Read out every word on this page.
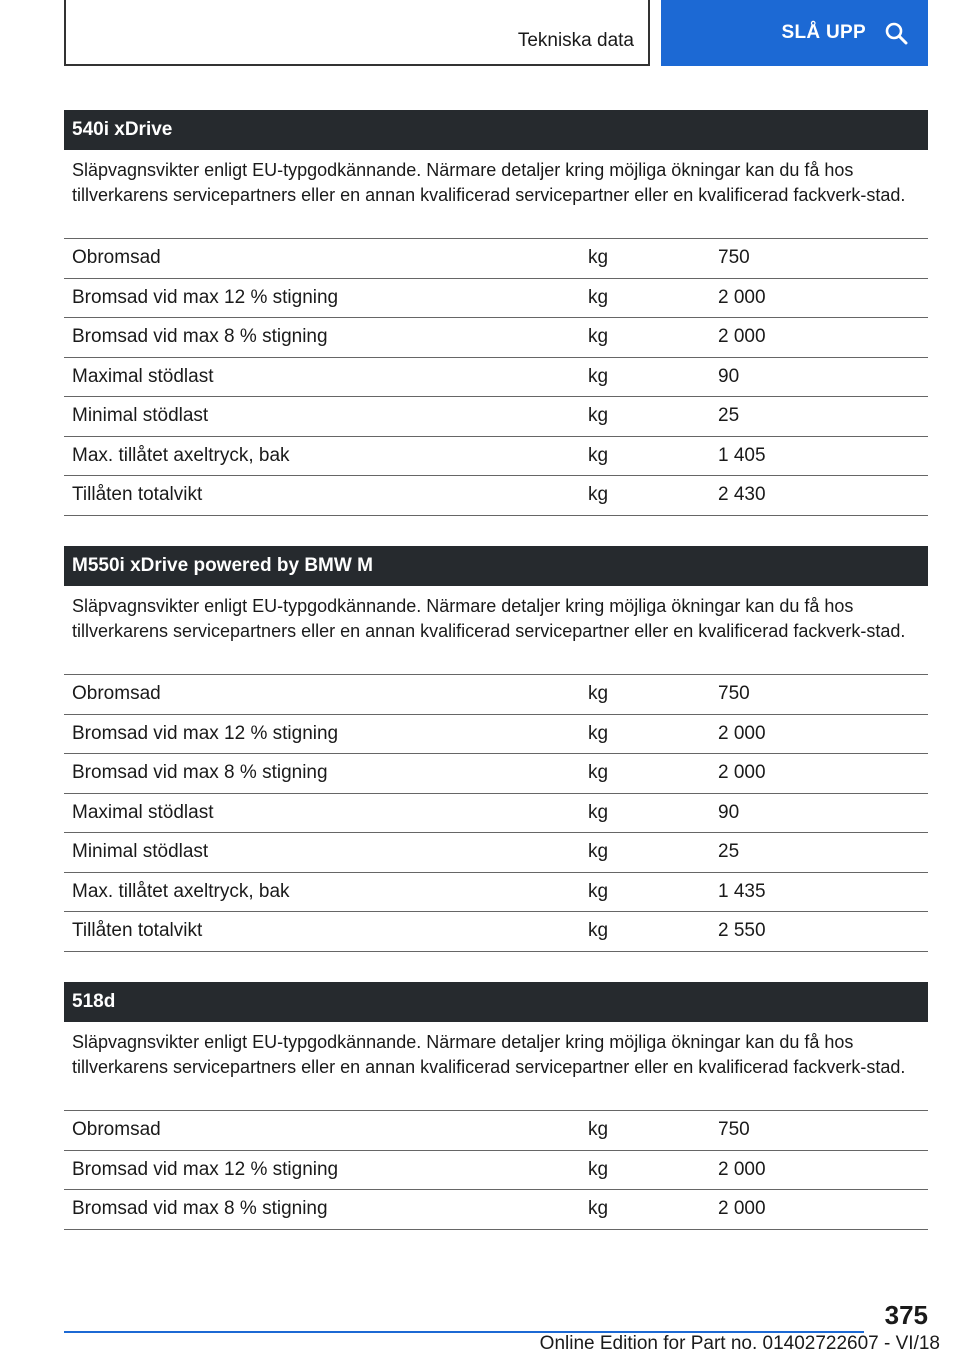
Tekniska data	SLÅ UPP
540i xDrive
Släpvagnsvikter enligt EU-typgodkännande. Närmare detaljer kring möjliga ökningar kan du få hos tillverkarens servicepartners eller en annan kvalificerad servicepartner eller en kvalificerad fackverk-stad.
Obromsad	kg	750
Bromsad vid max 12 % stigning	kg	2 000
Bromsad vid max 8 % stigning	kg	2 000
Maximal stödlast	kg	90
Minimal stödlast	kg	25
Max. tillåtet axeltryck, bak	kg	1 405
Tillåten totalvikt	kg	2 430
M550i xDrive powered by BMW M
Släpvagnsvikter enligt EU-typgodkännande. Närmare detaljer kring möjliga ökningar kan du få hos tillverkarens servicepartners eller en annan kvalificerad servicepartner eller en kvalificerad fackverk-stad.
Obromsad	kg	750
Bromsad vid max 12 % stigning	kg	2 000
Bromsad vid max 8 % stigning	kg	2 000
Maximal stödlast	kg	90
Minimal stödlast	kg	25
Max. tillåtet axeltryck, bak	kg	1 435
Tillåten totalvikt	kg	2 550
518d
Släpvagnsvikter enligt EU-typgodkännande. Närmare detaljer kring möjliga ökningar kan du få hos tillverkarens servicepartners eller en annan kvalificerad servicepartner eller en kvalificerad fackverk-stad.
Obromsad	kg	750
Bromsad vid max 12 % stigning	kg	2 000
Bromsad vid max 8 % stigning	kg	2 000
375
Online Edition for Part no. 01402722607 - VI/18
